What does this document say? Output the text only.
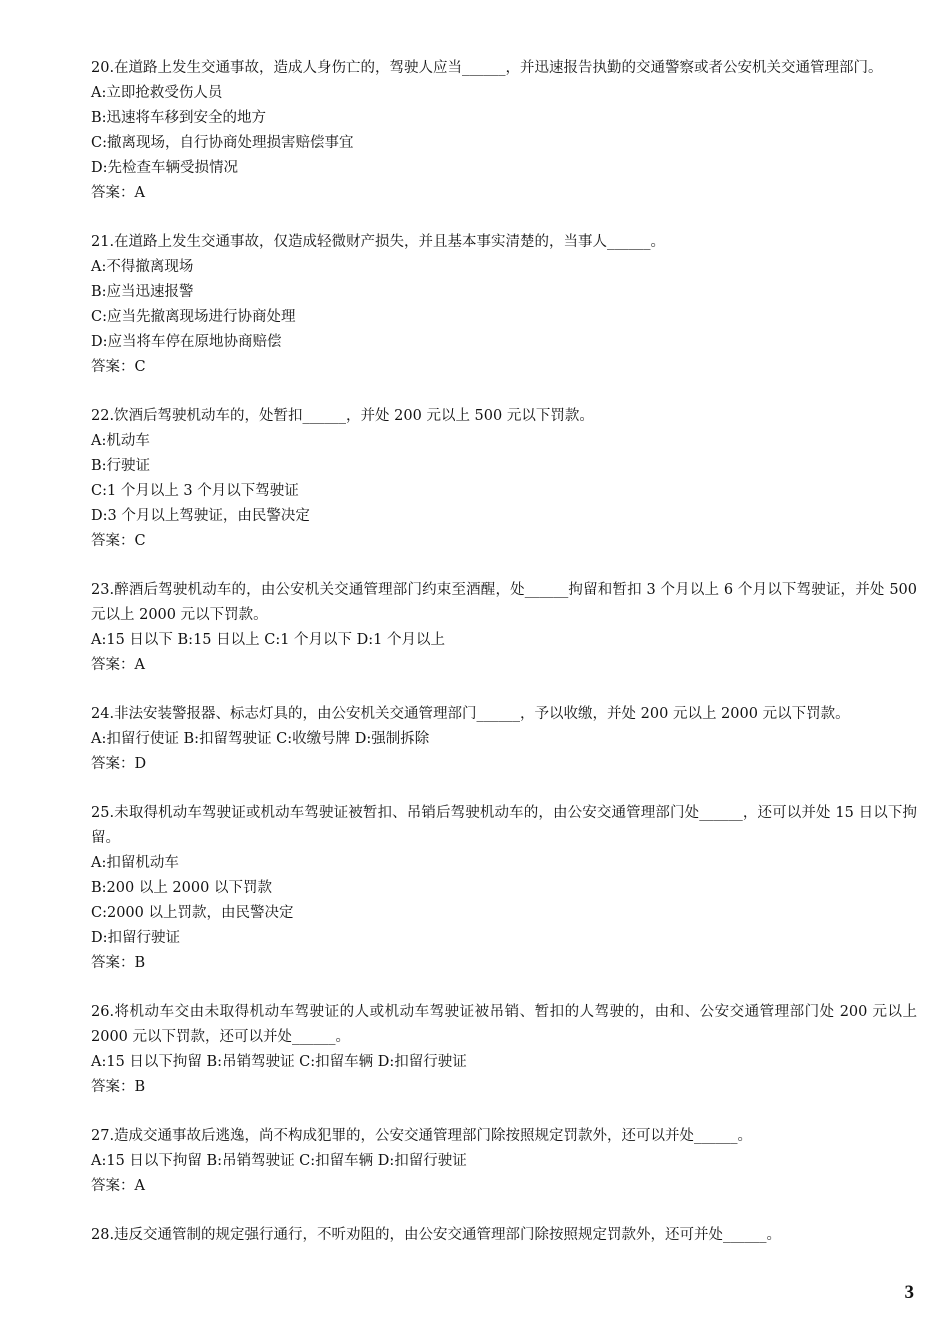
20.在道路上发生交通事故，造成人身伤亡的，驾驶人应当______，并迅速报告执勤的交通警察或者公安机关交通管理部门。

A:立即抢救受伤人员

B:迅速将车移到安全的地方

C:撤离现场，自行协商处理损害赔偿事宜

D:先检查车辆受损情况

答案：A

21.在道路上发生交通事故，仅造成轻微财产损失，并且基本事实清楚的，当事人______。

A:不得撤离现场

B:应当迅速报警

C:应当先撤离现场进行协商处理

D:应当将车停在原地协商赔偿

答案：C

22.饮酒后驾驶机动车的，处暂扣______，并处 200 元以上 500 元以下罚款。

A:机动车

B:行驶证

C:1 个月以上 3 个月以下驾驶证

D:3 个月以上驾驶证，由民警决定

答案：C

23.醉酒后驾驶机动车的，由公安机关交通管理部门约束至酒醒，处______拘留和暂扣 3 个月以上 6 个月以下驾驶证，并处 500 元以上 2000 元以下罚款。

A:15 日以下 B:15 日以上 C:1 个月以下 D:1 个月以上

答案：A

24.非法安装警报器、标志灯具的，由公安机关交通管理部门______，予以收缴，并处 200 元以上 2000 元以下罚款。

A:扣留行使证 B:扣留驾驶证 C:收缴号牌 D:强制拆除

答案：D

25.未取得机动车驾驶证或机动车驾驶证被暂扣、吊销后驾驶机动车的，由公安交通管理部门处______，还可以并处 15 日以下拘留。

A:扣留机动车

B:200 以上 2000 以下罚款

C:2000 以上罚款，由民警决定

D:扣留行驶证

答案：B

26.将机动车交由未取得机动车驾驶证的人或机动车驾驶证被吊销、暂扣的人驾驶的，由和、公安交通管理部门处 200 元以上 2000 元以下罚款，还可以并处______。

A:15 日以下拘留 B:吊销驾驶证 C:扣留车辆 D:扣留行驶证

答案：B

27.造成交通事故后逃逸，尚不构成犯罪的，公安交通管理部门除按照规定罚款外，还可以并处______。

A:15 日以下拘留 B:吊销驾驶证 C:扣留车辆 D:扣留行驶证

答案：A

28.违反交通管制的规定强行通行，不听劝阻的，由公安交通管理部门除按照规定罚款外，还可并处______。

3
